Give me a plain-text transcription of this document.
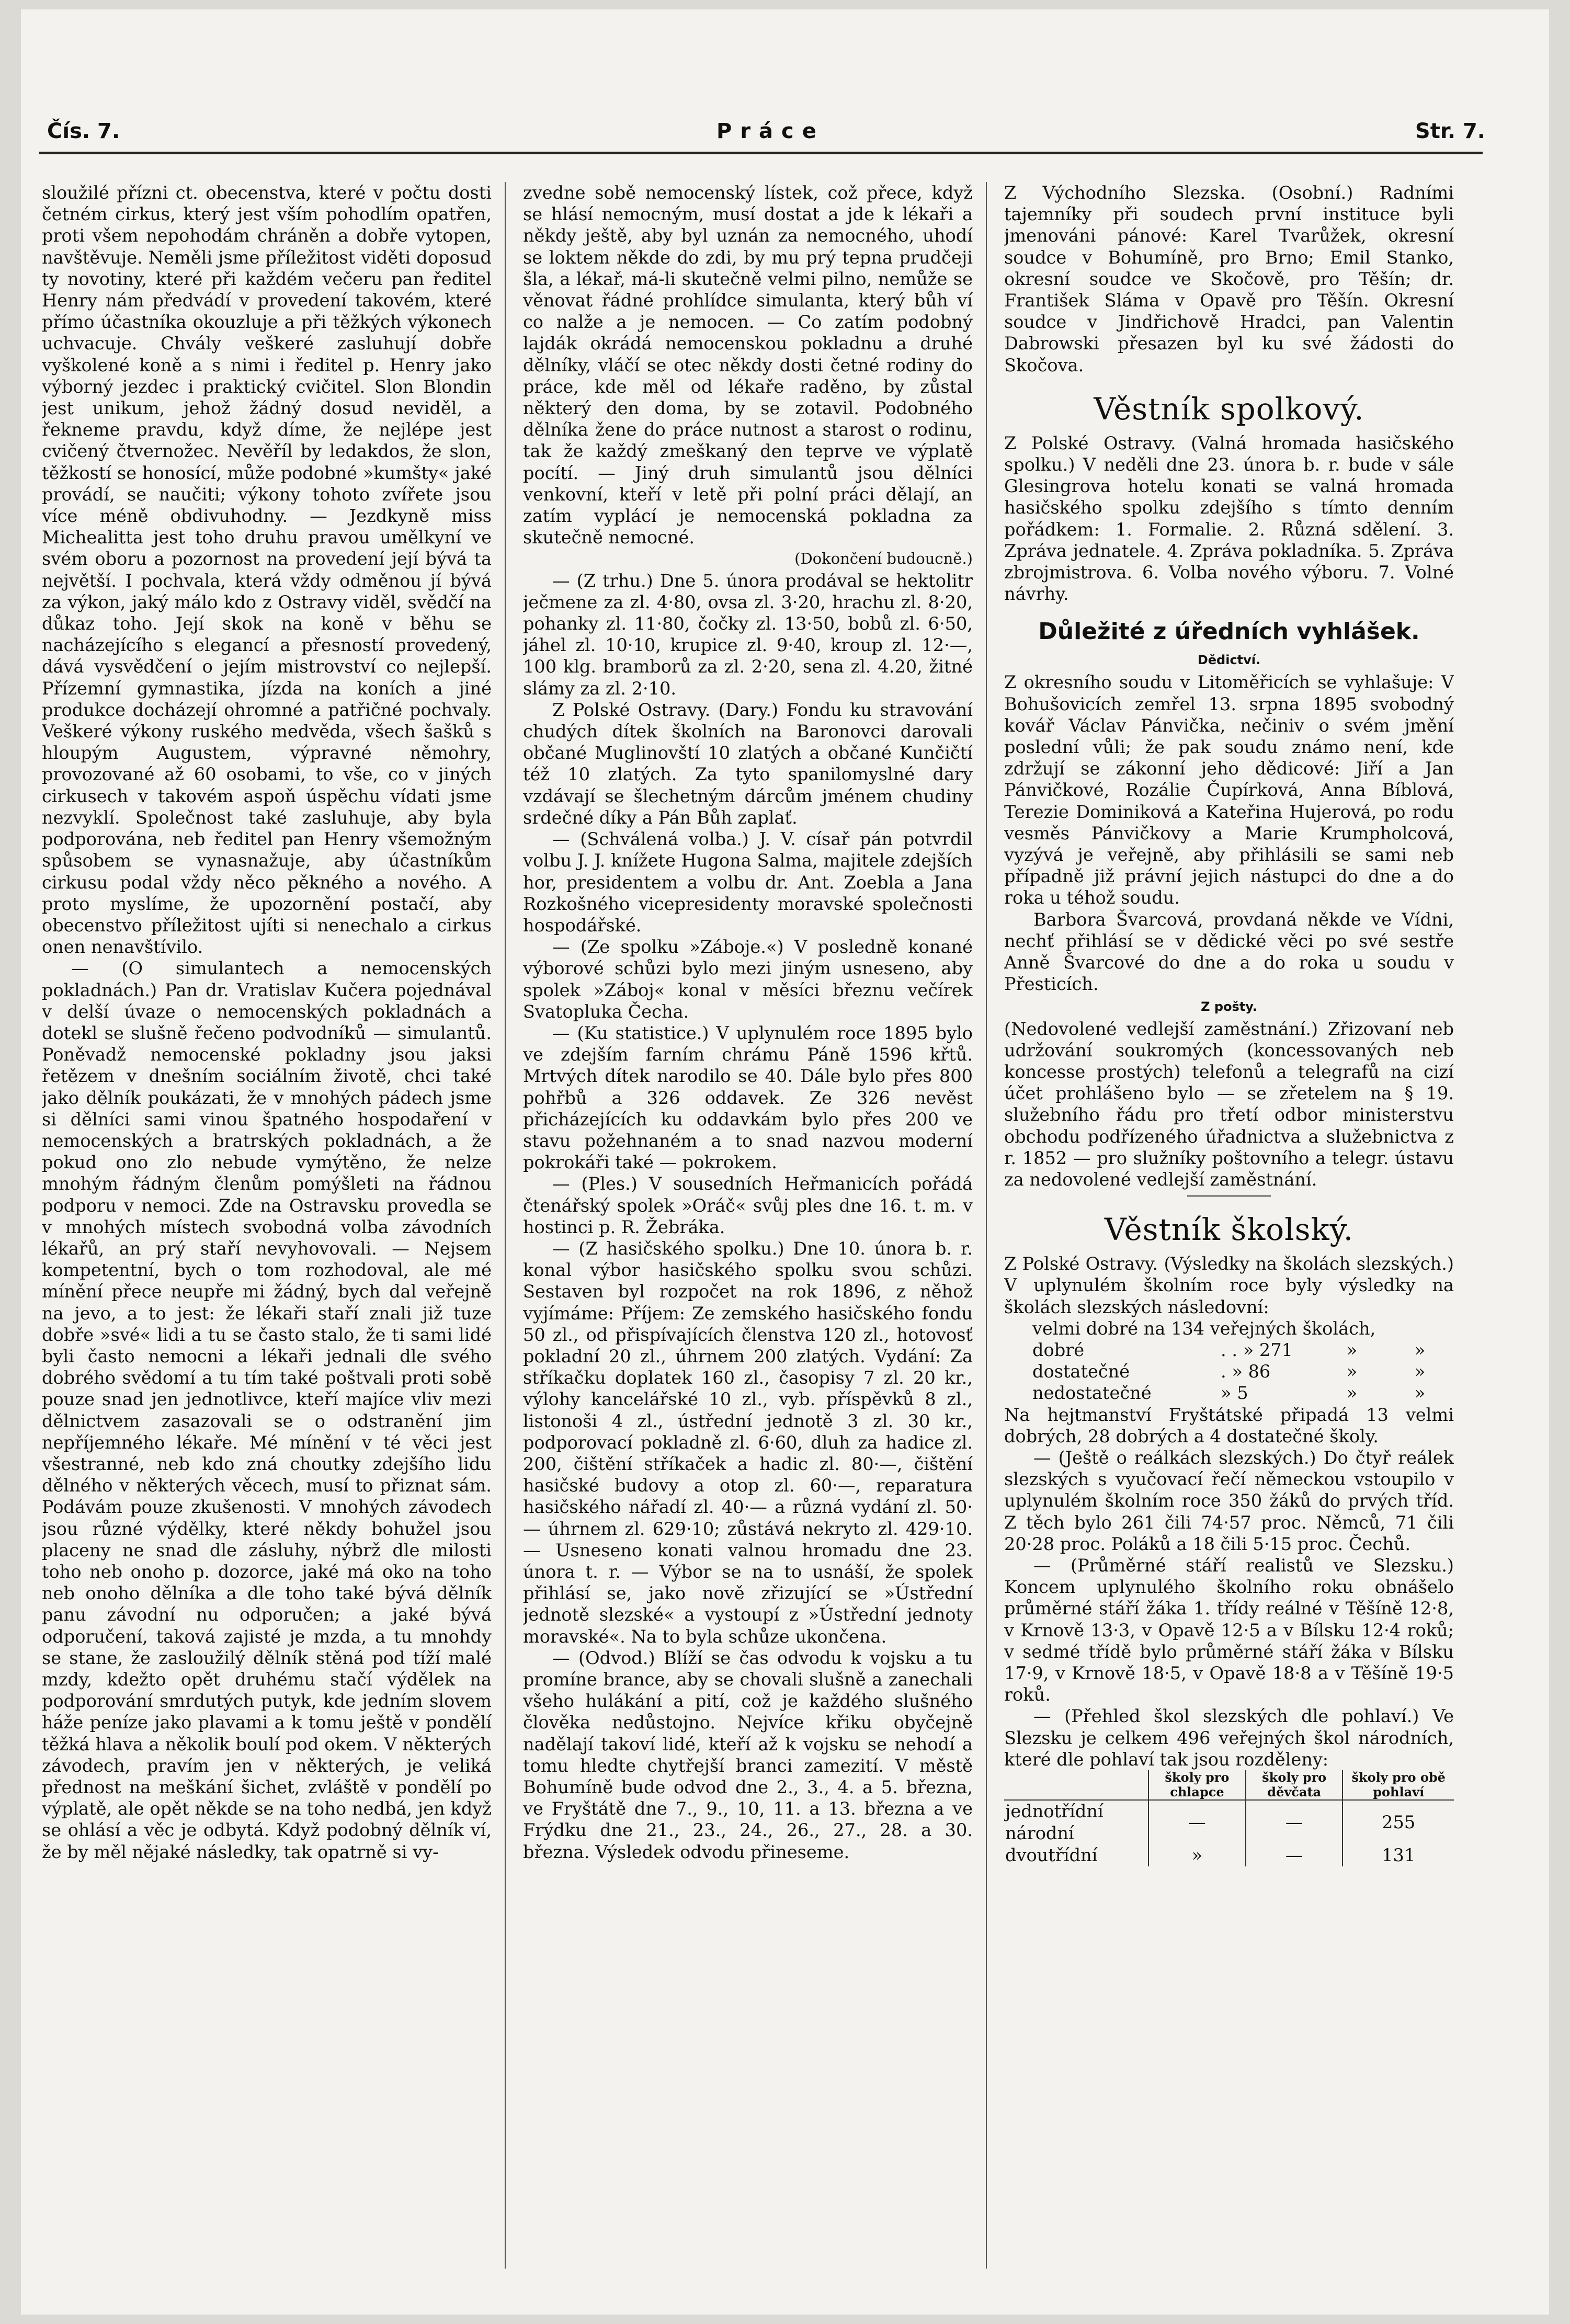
Čís. 7.	Práce	Str. 7.

sloužilé přízni ct. obecenstva, které v počtu dosti četném cirkus, který jest vším pohodlím opatřen, proti všem nepohodám chráněn a dobře vytopen, navštěvuje. Neměli jsme příležitost viděti doposud ty novotiny, které při každém večeru pan ředitel Henry nám předvádí v provedení takovém, které přímo účastníka okouzluje a při těžkých výkonech uchvacuje. Chvály veškeré zasluhují dobře vyškolené koně a s nimi i ředitel p. Henry jako výborný jezdec i praktický cvičitel. Slon Blondin jest unikum, jehož žádný dosud neviděl, a řekneme pravdu, když díme, že nejlépe jest cvičený čtvernožec. Nevěříl by ledakdos, že slon, těžkostí se honosící, může podobné »kumšty« jaké provádí, se naučiti; výkony tohoto zvířete jsou více méně obdivuhodny. — Jezdkyně miss Michealitta jest toho druhu pravou umělkyní ve svém oboru a pozornost na provedení její bývá ta největší. I pochvala, která vždy odměnou jí bývá za výkon, jaký málo kdo z Ostravy viděl, svědčí na důkaz toho. Její skok na koně v běhu se nacházejícího s elegancí a přesností provedený, dává vysvědčení o jejím mistrovství co nejlepší. Přízemní gymnastika, jízda na koních a jiné produkce docházejí ohromné a patřičné pochvaly. Veškeré výkony ruského medvěda, všech šašků s hloupým Augustem, výpravné němohry, provozované až 60 osobami, to vše, co v jiných cirkusech v takovém aspoň úspěchu vídati jsme nezvyklí. Společnost také zasluhuje, aby byla podporována, neb ředitel pan Henry všemožným spůsobem se vynasnažuje, aby účastníkům cirkusu podal vždy něco pěkného a nového. A proto myslíme, že upozornění postačí, aby obecenstvo příležitost ujíti si nenechalo a cirkus onen nenavštívilo.

— (O simulantech a nemocenských pokladnách.) Pan dr. Vratislav Kučera pojednával v delší úvaze o nemocenských pokladnách a dotekl se slušně řečeno podvodníků — simulantů. Poněvadž nemocenské pokladny jsou jaksi řetězem v dnešním sociálním životě, chci také jako dělník poukázati, že v mnohých pádech jsme si dělníci sami vinou špatného hospodaření v nemocenských a bratrských pokladnách, a že pokud ono zlo nebude vymýtěno, že nelze mnohým řádným členům pomýšleti na řádnou podporu v nemoci. Zde na Ostravsku provedla se v mnohých místech svobodná volba závodních lékařů, an prý staří nevyhovovali. — Nejsem kompetentní, bych o tom rozhodoval, ale mé mínění přece neupře mi žádný, bych dal veřejně na jevo, a to jest: že lékaři staří znali již tuze dobře »své« lidi a tu se často stalo, že ti sami lidé byli často nemocni a lékaři jednali dle svého dobrého svědomí a tu tím také poštvali proti sobě pouze snad jen jednotlivce, kteří majíce vliv mezi dělnictvem zasazovali se o odstranění jim nepříjemného lékaře. Mé mínění v té věci jest všestranné, neb kdo zná choutky zdejšího lidu dělného v některých věcech, musí to přiznat sám. Podávám pouze zkušenosti. V mnohých závodech jsou různé výdělky, které někdy bohužel jsou placeny ne snad dle zásluhy, nýbrž dle milosti toho neb onoho p. dozorce, jaké má oko na toho neb onoho dělníka a dle toho také bývá dělník panu závodní nu odporučen; a jaké bývá odporučení, taková zajisté je mzda, a tu mnohdy se stane, že zasloužilý dělník stěná pod tíží malé mzdy, kdežto opět druhému stačí výdělek na podporování smrdutých putyk, kde jedním slovem háže peníze jako plavami a k tomu ještě v pondělí těžká hlava a několik boulí pod okem. V některých závodech, pravím jen v některých, je veliká přednost na meškání šichet, zvláště v pondělí po výplatě, ale opět někde se na toho nedbá, jen když se ohlásí a věc je odbytá. Když podobný dělník ví, že by měl nějaké následky, tak opatrně si vy-

zvedne sobě nemocenský lístek, což přece, když se hlásí nemocným, musí dostat a jde k lékaři a někdy ještě, aby byl uznán za nemocného, uhodí se loktem někde do zdi, by mu prý tepna prudčeji šla, a lékař, má-li skutečně velmi pilno, nemůže se věnovat řádné prohlídce simulanta, který bůh ví co nalže a je nemocen. — Co zatím podobný lajdák okrádá nemocenskou pokladnu a druhé dělníky, vláčí se otec někdy dosti četné rodiny do práce, kde měl od lékaře raděno, by zůstal některý den doma, by se zotavil. Podobného dělníka žene do práce nutnost a starost o rodinu, tak že každý zmeškaný den teprve ve výplatě pocítí. — Jiný druh simulantů jsou dělníci venkovní, kteří v letě při polní práci dělají, an zatím vyplácí je nemocenská pokladna za skutečně nemocné.

(Dokončení budoucně.)

— (Z trhu.) Dne 5. února prodával se hektolitr ječmene za zl. 4·80, ovsa zl. 3·20, hrachu zl. 8·20, pohanky zl. 11·80, čočky zl. 13·50, bobů zl. 6·50, jáhel zl. 10·10, krupice zl. 9·40, kroup zl. 12·—, 100 klg. bramborů za zl. 2·20, sena zl. 4.20, žitné slámy za zl. 2·10.

Z Polské Ostravy. (Dary.) Fondu ku stravování chudých dítek školních na Baronovci darovali občané Muglinovští 10 zlatých a občané Kunčičtí též 10 zlatých. Za tyto spanilomyslné dary vzdávají se šlechetným dárcům jménem chudiny srdečné díky a Pán Bůh zaplať.

— (Schválená volba.) J. V. císař pán potvrdil volbu J. J. knížete Hugona Salma, majitele zdejších hor, presidentem a volbu dr. Ant. Zoebla a Jana Rozkošného vicepresidenty moravské společnosti hospodářské.

— (Ze spolku »Záboje.«) V posledně konané výborové schůzi bylo mezi jiným usneseno, aby spolek »Záboj« konal v měsíci březnu večírek Svatopluka Čecha.

— (Ku statistice.) V uplynulém roce 1895 bylo ve zdejším farním chrámu Páně 1596 křtů. Mrtvých dítek narodilo se 40. Dále bylo přes 800 pohřbů a 326 oddavek. Ze 326 nevěst přicházejících ku oddavkám bylo přes 200 ve stavu požehnaném a to snad nazvou moderní pokrokáři také — pokrokem.

— (Ples.) V sousedních Heřmanicích pořádá čtenářský spolek »Oráč« svůj ples dne 16. t. m. v hostinci p. R. Žebráka.

— (Z hasičského spolku.) Dne 10. února b. r. konal výbor hasičského spolku svou schůzi. Sestaven byl rozpočet na rok 1896, z něhož vyjímáme: Příjem: Ze zemského hasičského fondu 50 zl., od přispívajících členstva 120 zl., hotovosť pokladní 20 zl., úhrnem 200 zlatých. Vydání: Za stříkačku doplatek 160 zl., časopisy 7 zl. 20 kr., výlohy kancelářské 10 zl., vyb. příspěvků 8 zl., listonoši 4 zl., ústřední jednotě 3 zl. 30 kr., podporovací pokladně zl. 6·60, dluh za hadice zl. 200, čištění stříkaček a hadic zl. 80·—, čištění hasičské budovy a otop zl. 60·—, reparatura hasičského nářadí zl. 40·— a různá vydání zl. 50·— úhrnem zl. 629·10; zůstává nekryto zl. 429·10. — Usneseno konati valnou hromadu dne 23. února t. r. — Výbor se na to usnáší, že spolek přihlásí se, jako nově zřizující se »Ústřední jednotě slezské« a vystoupí z »Ústřední jednoty moravské«. Na to byla schůze ukončena.

— (Odvod.) Blíží se čas odvodu k vojsku a tu promíne brance, aby se chovali slušně a zanechali všeho hulákání a pití, což je každého slušného člověka nedůstojno. Nejvíce křiku obyčejně nadělají takoví lidé, kteří až k vojsku se nehodí a tomu hledte chytřejší branci zamezití. V městě Bohumíně bude odvod dne 2., 3., 4. a 5. března, ve Fryštátě dne 7., 9., 10, 11. a 13. března a ve Frýdku dne 21., 23., 24., 26., 27., 28. a 30. března. Výsledek odvodu přineseme.

Z Východního Slezska. (Osobní.) Radními tajemníky při soudech první instituce byli jmenováni pánové: Karel Tvarůžek, okresní soudce v Bohumíně, pro Brno; Emil Stanko, okresní soudce ve Skočově, pro Těšín; dr. František Sláma v Opavě pro Těšín. Okresní soudce v Jindřichově Hradci, pan Valentin Dabrowski přesazen byl ku své žádosti do Skočova.

Věstník spolkový.

Z Polské Ostravy. (Valná hromada hasičského spolku.) V neděli dne 23. února b. r. bude v sále Glesingrova hotelu konati se valná hromada hasičského spolku zdejšího s tímto denním pořádkem: 1. Formalie. 2. Různá sdělení. 3. Zpráva jednatele. 4. Zpráva pokladníka. 5. Zpráva zbrojmistrova. 6. Volba nového výboru. 7. Volné návrhy.

Důležité z úředních vyhlášek.
Dědictví.

Z okresního soudu v Litoměřicích se vyhlašuje: V Bohušovicích zemřel 13. srpna 1895 svobodný kovář Václav Pánvička, nečiniv o svém jmění poslední vůli; že pak soudu známo není, kde zdržují se zákonní jeho dědicové: Jiří a Jan Pánvičkové, Rozálie Čupírková, Anna Bíblová, Terezie Dominiková a Kateřina Hujerová, po rodu vesměs Pánvičkovy a Marie Krumpholcová, vyzývá je veřejně, aby přihlásili se sami neb případně již právní jejich nástupci do dne a do roka u téhož soudu.

Barbora Švarcová, provdaná někde ve Vídni, nechť přihlásí se v dědické věci po své sestře Anně Švarcové do dne a do roka u soudu v Přesticích.

Z pošty.

(Nedovolené vedlejší zaměstnání.) Zřizovaní neb udržování soukromých (koncessovaných neb koncesse prostých) telefonů a telegrafů na cizí účet prohlášeno bylo — se zřetelem na § 19. služebního řádu pro třetí odbor ministerstvu obchodu podřízeného úřadnictva a služebnictva z r. 1852 — pro služníky poštovního a telegr. ústavu za nedovolené vedlejší zaměstnání.

Věstník školský.

Z Polské Ostravy. (Výsledky na školách slezských.) V uplynulém školním roce byly výsledky na školách slezských následovní:

velmi dobré na 134 veřejných školách,			
dobré	. . » 271	»	»
dostatečné	. » 86	»	»
nedostatečné	» 5	»	»

Na hejtmanství Fryštátské připadá 13 velmi dobrých, 28 dobrých a 4 dostatečné školy.

— (Ještě o reálkách slezských.) Do čtyř reálek slezských s vyučovací řečí německou vstoupilo v uplynulém školním roce 350 žáků do prvých tříd. Z těch bylo 261 čili 74·57 proc. Němců, 71 čili 20·28 proc. Poláků a 18 čili 5·15 proc. Čechů.

— (Průměrné stáří realistů ve Slezsku.) Koncem uplynulého školního roku obnášelo průměrné stáří žáka 1. třídy reálné v Těšíně 12·8, v Krnově 13·3, v Opavě 12·5 a v Bílsku 12·4 roků; v sedmé třídě bylo průměrné stáří žáka v Bílsku 17·9, v Krnově 18·5, v Opavě 18·8 a v Těšíně 19·5 roků.

— (Přehled škol slezských dle pohlaví.) Ve Slezsku je celkem 496 veřejných škol národních, které dle pohlaví tak jsou rozděleny:

	školy pro chlapce	školy pro děvčata	školy pro obě pohlaví
jednotřídní národní	—	—	255
dvoutřídní	»	—	131
